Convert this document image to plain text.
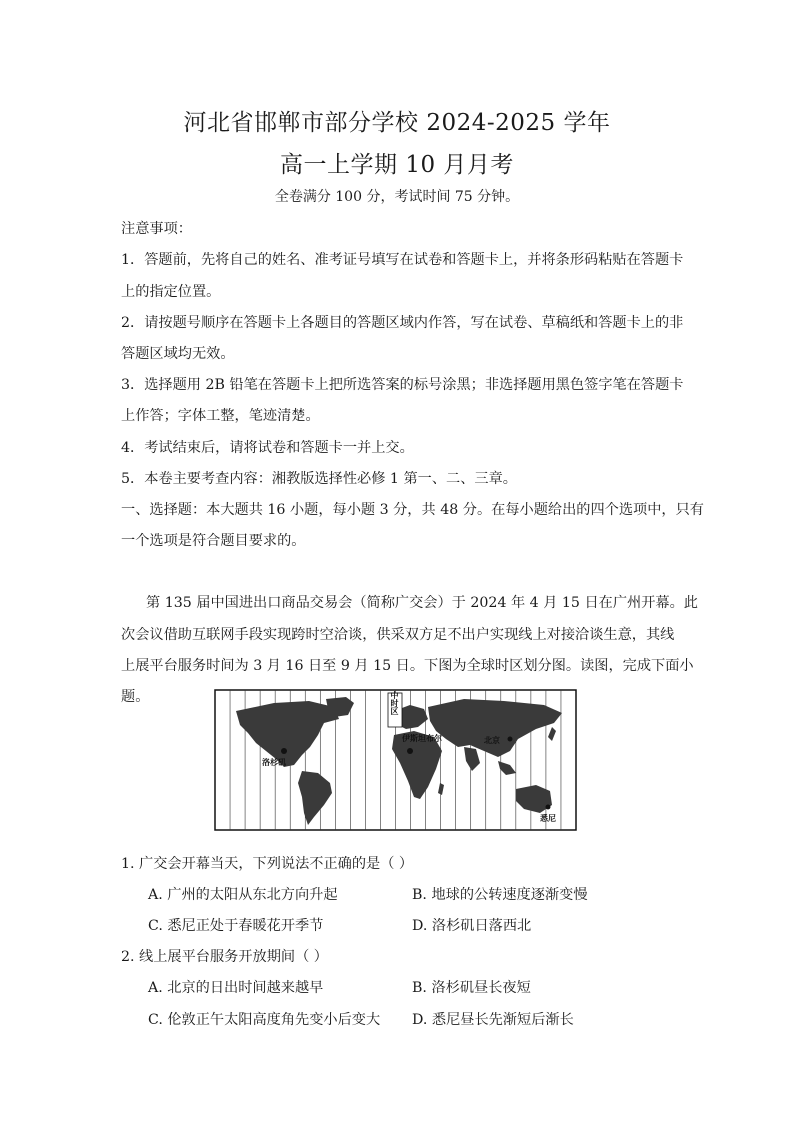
河北省邯郸市部分学校 2024-2025 学年
高一上学期 10 月月考
全卷满分 100 分，考试时间 75 分钟。
注意事项：
1．答题前，先将自己的姓名、准考证号填写在试卷和答题卡上，并将条形码粘贴在答题卡
上的指定位置。
2．请按题号顺序在答题卡上各题目的答题区域内作答，写在试卷、草稿纸和答题卡上的非
答题区域均无效。
3．选择题用 2B 铅笔在答题卡上把所选答案的标号涂黑；非选择题用黑色签字笔在答题卡
上作答；字体工整，笔迹清楚。
4．考试结束后，请将试卷和答题卡一并上交。
5．本卷主要考查内容：湘教版选择性必修 1 第一、二、三章。
一、选择题：本大题共 16 小题，每小题 3 分，共 48 分。在每小题给出的四个选项中，只有
一个选项是符合题目要求的。
第 135 届中国进出口商品交易会（简称广交会）于 2024 年 4 月 15 日在广州开幕。此
次会议借助互联网手段实现跨时空洽谈，供采双方足不出户实现线上对接洽谈生意，其线
上展平台服务时间为 3 月 16 日至 9 月 15 日。下图为全球时区划分图。读图，完成下面小
题。	中时区
洛杉矶
伊斯坦布尔	北京
悉尼
1. 广交会开幕当天，下列说法不正确的是（ ）
A. 广州的太阳从东北方向升起	B. 地球的公转速度逐渐变慢
C. 悉尼正处于春暖花开季节	D. 洛杉矶日落西北
2. 线上展平台服务开放期间（ ）
A. 北京的日出时间越来越早	B. 洛杉矶昼长夜短
C. 伦敦正午太阳高度角先变小后变大 D. 悉尼昼长先渐短后渐长
